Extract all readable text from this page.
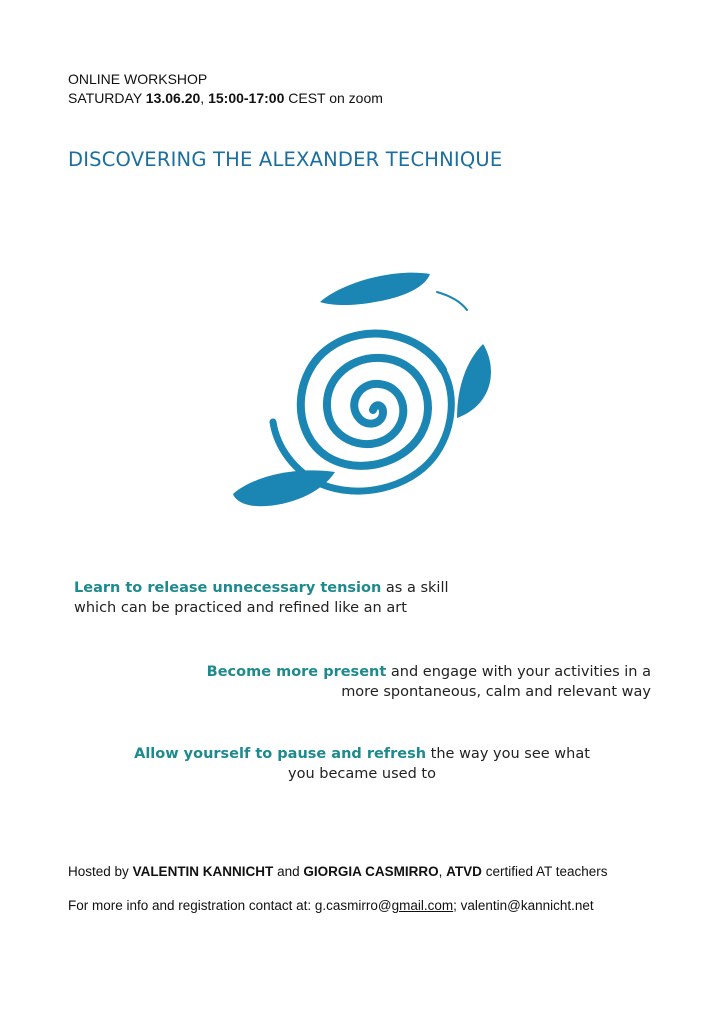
ONLINE WORKSHOP
SATURDAY 13.06.20, 15:00-17:00 CEST on zoom
DISCOVERING THE ALEXANDER TECHNIQUE
Learn to release unnecessary tension as a skill
which can be practiced and refined like an art
Become more present and engage with your activities in a
more spontaneous, calm and relevant way
Allow yourself to pause and refresh the way you see what
you became used to
Hosted by VALENTIN KANNICHT and GIORGIA CASMIRRO, ATVD certified AT teachers
For more info and registration contact at: g.casmirro@gmail.com; valentin@kannicht.net
